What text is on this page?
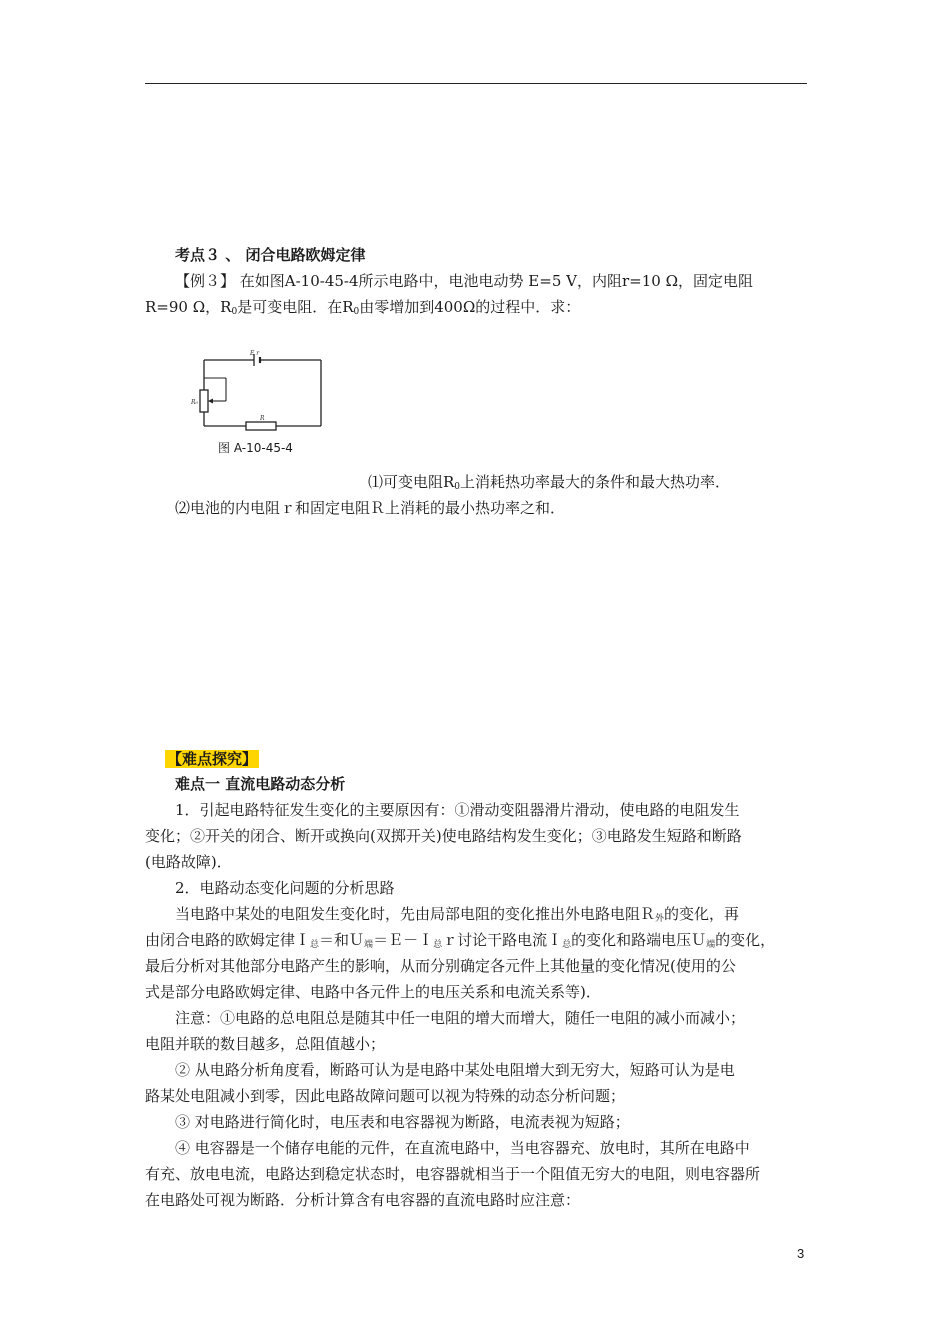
考点３ 、 闭合电路欧姆定律
【例３】 在如图A-10-45-4所示电路中，电池电动势 E=5 V，内阻r=10 Ω，固定电阻
R=90 Ω，$R_0$是可变电阻．在$R_0$由零增加到400Ω的过程中．求：
E r
R₀
R
图 A-10-45-4
⑴可变电阻$R_0$上消耗热功率最大的条件和最大热功率．
⑵电池的内电阻ｒ和固定电阻Ｒ上消耗的最小热功率之和．
【难点探究】
难点一 直流电路动态分析
1．引起电路特征发生变化的主要原因有：①滑动变阻器滑片滑动，使电路的电阻发生
变化；②开关的闭合、断开或换向(双掷开关)使电路结构发生变化；③电路发生短路和断路
(电路故障)．
2．电路动态变化问题的分析思路
当电路中某处的电阻发生变化时，先由局部电阻的变化推出外电路电阻Ｒ$_外$的变化，再
由闭合电路的欧姆定律Ｉ$_总$＝和Ｕ$_端$＝Ｅ－Ｉ$_总$ｒ讨论干路电流Ｉ$_总$的变化和路端电压Ｕ$_端$的变化，
最后分析对其他部分电路产生的影响，从而分别确定各元件上其他量的变化情况(使用的公
式是部分电路欧姆定律、电路中各元件上的电压关系和电流关系等)．
注意：①电路的总电阻总是随其中任一电阻的增大而增大，随任一电阻的减小而减小；
电阻并联的数目越多，总阻值越小；
② 从电路分析角度看，断路可认为是电路中某处电阻增大到无穷大，短路可认为是电
路某处电阻减小到零，因此电路故障问题可以视为特殊的动态分析问题；
③ 对电路进行简化时，电压表和电容器视为断路，电流表视为短路；
④ 电容器是一个储存电能的元件，在直流电路中，当电容器充、放电时，其所在电路中
有充、放电电流，电路达到稳定状态时，电容器就相当于一个阻值无穷大的电阻，则电容器所
在电路处可视为断路．分析计算含有电容器的直流电路时应注意：
3
